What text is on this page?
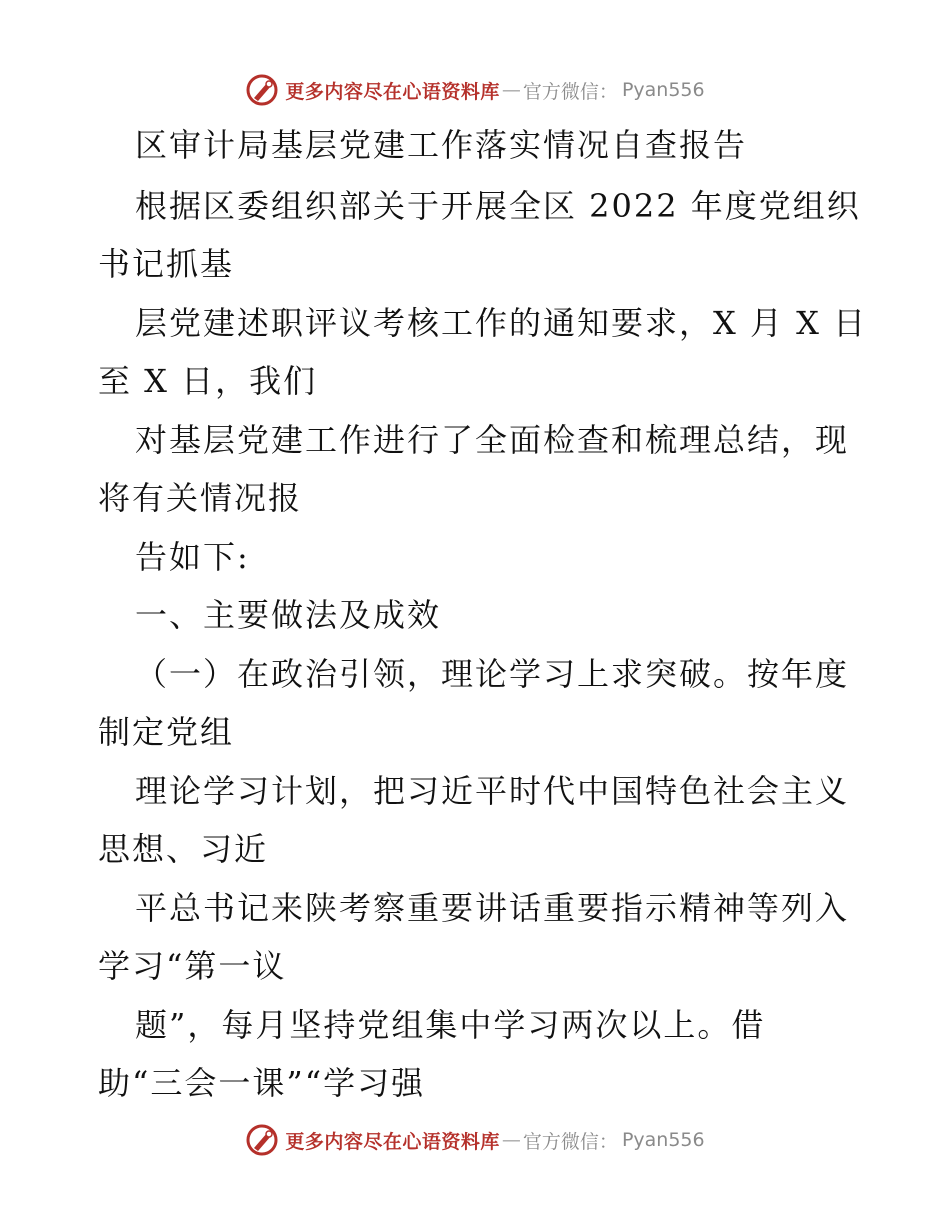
更多内容尽在心语资料库 — 官方微信： Pyan556
区审计局基层党建工作落实情况自查报告
根据区委组织部关于开展全区 2022 年度党组织
书记抓基
层党建述职评议考核工作的通知要求，X 月 X 日
至 X 日，我们
对基层党建工作进行了全面检查和梳理总结，现
将有关情况报
告如下:
一、主要做法及成效
（一）在政治引领，理论学习上求突破。按年度
制定党组
理论学习计划，把习近平时代中国特色社会主义
思想、习近
平总书记来陕考察重要讲话重要指示精神等列入
学习“第一议
题”，每月坚持党组集中学习两次以上。借
助“三会一课”“学习强
更多内容尽在心语资料库 — 官方微信： Pyan556
